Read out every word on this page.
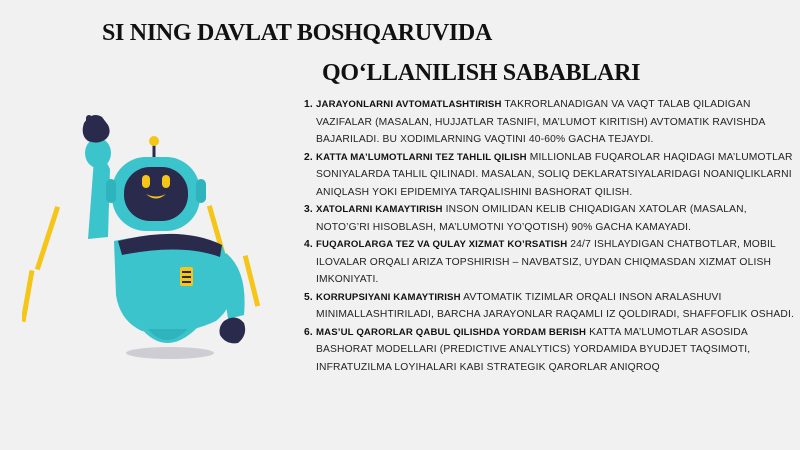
SI NING DAVLAT BOSHQARUVIDA
QO‘LLANILISH SABABLARI
1. JARAYONLARNI AVTOMATLASHTIRISH TAKRORLANADIGAN VA VAQT TALAB QILADIGAN VAZIFALAR (MASALAN, HUJJATLAR TASNIFI, MA’LUMOT KIRITISH) AVTOMATIK RAVISHDA BAJARILADI. BU XODIMLARNING VAQTINI 40-60% GACHA TEJAYDI.
2. KATTA MA’LUMOTLARNI TEZ TAHLIL QILISH MILLIONLAB FUQAROLAR HAQIDAGI MA’LUMOTLAR SONIYALARDA TAHLIL QILINADI. MASALAN, SOLIQ DEKLARATSIYALARIDAGI NOANIQLIKLARNI ANIQLASH YOKI EPIDEMIYA TARQALISHINI BASHORAT QILISH.
3. XATOLARNI KAMAYTIRISH INSON OMILIDAN KELIB CHIQADIGAN XATOLAR (MASALAN, NOTO’G’RI HISOBLASH, MA’LUMOTNI YO’QOTISH) 90% GACHA KAMAYADI.
4. FUQAROLARGA TEZ VA QULAY XIZMAT KO’RSATISH 24/7 ISHLAYDIGAN CHATBOTLAR, MOBIL ILOVALAR ORQALI ARIZA TOPSHIRISH – NAVBATSIZ, UYDAN CHIQMASDAN XIZMAT OLISH IMKONIYATI.
5. KORRUPSIYANI KAMAYTIRISH AVTOMATIK TIZIMLAR ORQALI INSON ARALASHUVI MINIMALLASHTIRILADI, BARCHA JARAYONLAR RAQAMLI IZ QOLDIRADI, SHAFFOFLIK OSHADI.
6. MAS’UL QARORLAR QABUL QILISHDA YORDAM BERISH KATTA MA’LUMOTLAR ASOSIDA BASHORAT MODELLARI (PREDICTIVE ANALYTICS) YORDAMIDA BYUDJET TAQSIMOTI, INFRATUZILMA LOYIHALARI KABI STRATEGIK QARORLAR ANIQROQ
